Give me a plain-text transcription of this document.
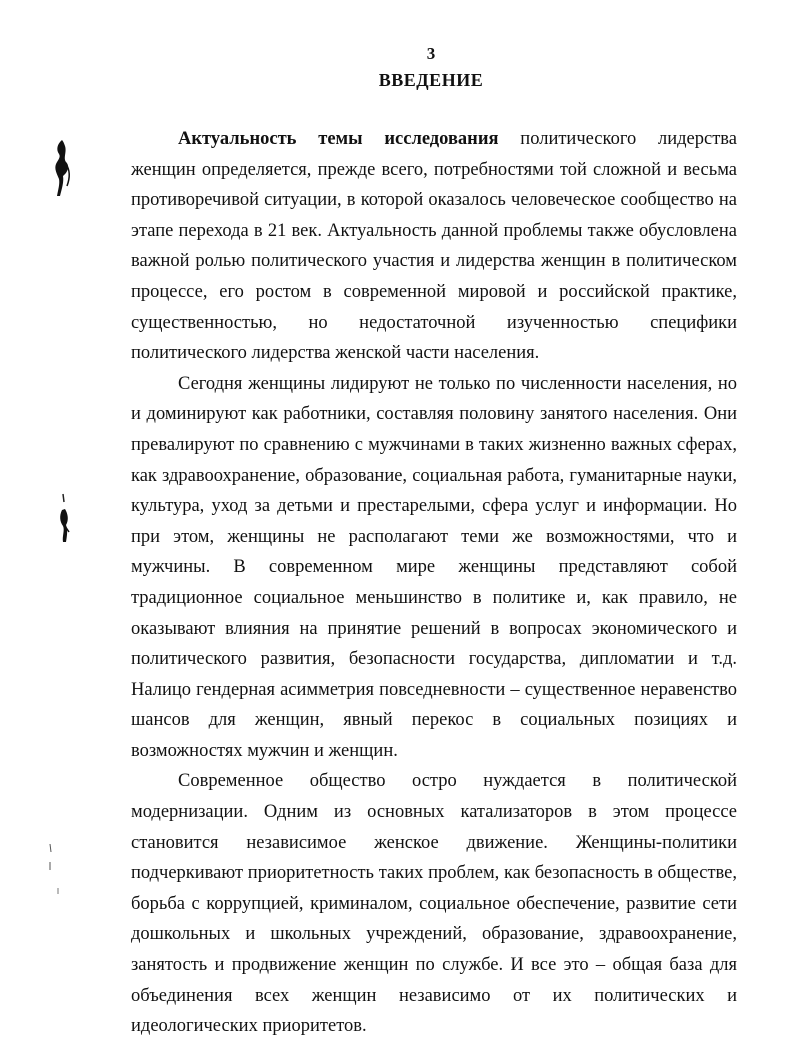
3
ВВЕДЕНИЕ

Актуальность темы исследования политического лидерства женщин определяется, прежде всего, потребностями той сложной и весьма противоречивой ситуации, в которой оказалось человеческое сообщество на этапе перехода в 21 век. Актуальность данной проблемы также обусловлена важной ролью политического участия и лидерства женщин в политическом процессе, его ростом в современной мировой и российской практике, существенностью, но недостаточной изученностью специфики политического лидерства женской части населения.

Сегодня женщины лидируют не только по численности населения, но и доминируют как работники, составляя половину занятого населения. Они превалируют по сравнению с мужчинами в таких жизненно важных сферах, как здравоохранение, образование, социальная работа, гуманитарные науки, культура, уход за детьми и престарелыми, сфера услуг и информации. Но при этом, женщины не располагают теми же возможностями, что и мужчины. В современном мире женщины представляют собой традиционное социальное меньшинство в политике и, как правило, не оказывают влияния на принятие решений в вопросах экономического и политического развития, безопасности государства, дипломатии и т.д. Налицо гендерная асимметрия повседневности – существенное неравенство шансов для женщин, явный перекос в социальных позициях и возможностях мужчин и женщин.

Современное общество остро нуждается в политической модернизации. Одним из основных катализаторов в этом процессе становится независимое женское движение. Женщины-политики подчеркивают приоритетность таких проблем, как безопасность в обществе, борьба с коррупцией, криминалом, социальное обеспечение, развитие сети дошкольных и школьных учреждений, образование, здравоохранение, занятость и продвижение женщин по службе. И все это – общая база для объединения всех женщин независимо от их политических и идеологических приоритетов.
